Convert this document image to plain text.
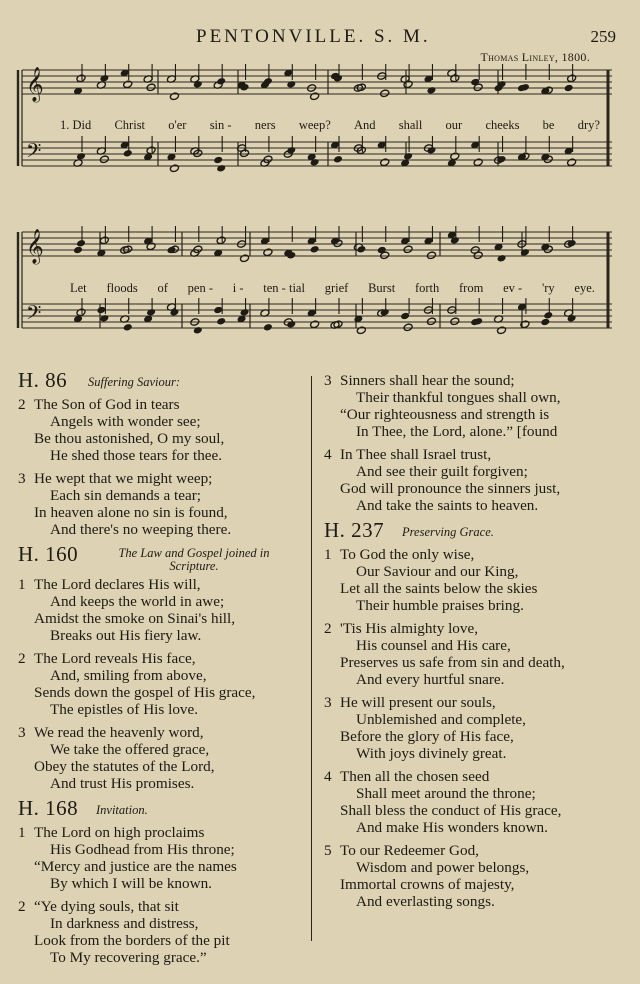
PENTONVILLE. S. M.	259
Thomas Linley, 1800.
𝄞
𝄢
1. Did Christ o'er sin - ners weep? And shall our cheeks be dry?
𝄞
𝄢
Let floods of pen - i - ten - tial grief Burst forth from ev - 'ry eye.
H. 86 Suffering Saviour:
2 The Son of God in tears
Angels with wonder see;
Be thou astonished, O my soul,
He shed those tears for thee.
3 He wept that we might weep;
Each sin demands a tear;
In heaven alone no sin is found,
And there's no weeping there.
H. 160	The Law and Gospel joined in Scripture.
1 The Lord declares His will,
And keeps the world in awe;
Amidst the smoke on Sinai's hill,
Breaks out His fiery law.
2 The Lord reveals His face,
And, smiling from above,
Sends down the gospel of His grace,
The epistles of His love.
3 We read the heavenly word,
We take the offered grace,
Obey the statutes of the Lord,
And trust His promises.
H. 168 Invitation.
1 The Lord on high proclaims
His Godhead from His throne;
“Mercy and justice are the names
By which I will be known.
2 “Ye dying souls, that sit
In darkness and distress,
Look from the borders of the pit
To My recovering grace.”
3 Sinners shall hear the sound;
Their thankful tongues shall own,
“Our righteousness and strength is
In Thee, the Lord, alone.” [found
4 In Thee shall Israel trust,
And see their guilt forgiven;
God will pronounce the sinners just,
And take the saints to heaven.
H. 237 Preserving Grace.
1 To God the only wise,
Our Saviour and our King,
Let all the saints below the skies
Their humble praises bring.
2 'Tis His almighty love,
His counsel and His care,
Preserves us safe from sin and death,
And every hurtful snare.
3 He will present our souls,
Unblemished and complete,
Before the glory of His face,
With joys divinely great.
4 Then all the chosen seed
Shall meet around the throne;
Shall bless the conduct of His grace,
And make His wonders known.
5 To our Redeemer God,
Wisdom and power belongs,
Immortal crowns of majesty,
And everlasting songs.
